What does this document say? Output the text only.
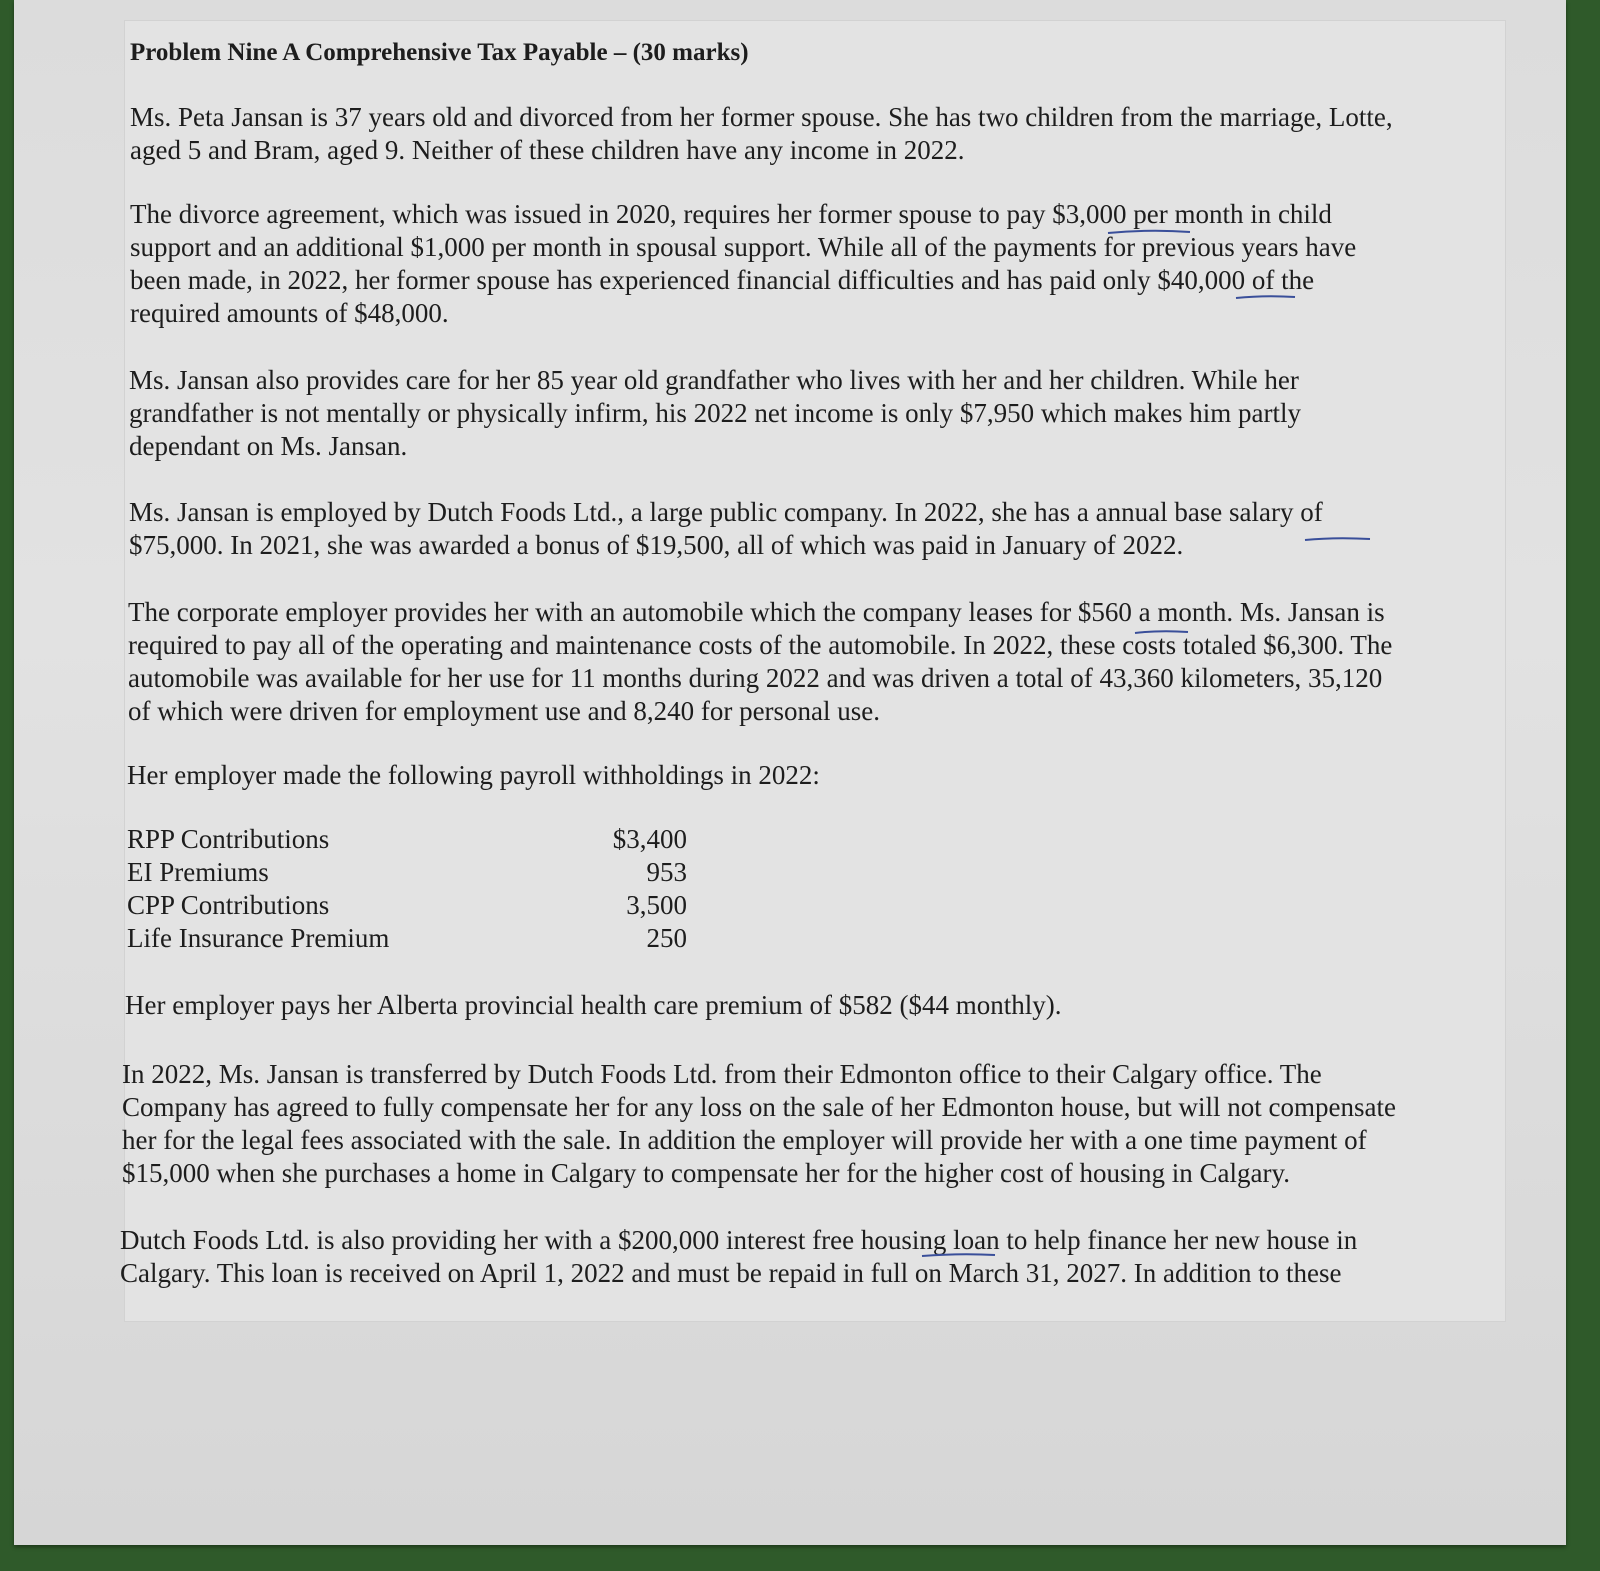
Problem Nine A Comprehensive Tax Payable – (30 marks)
Ms. Peta Jansan is 37 years old and divorced from her former spouse. She has two children from the marriage, Lotte,
aged 5 and Bram, aged 9. Neither of these children have any income in 2022.
The divorce agreement, which was issued in 2020, requires her former spouse to pay $3,000 per month in child
support and an additional $1,000 per month in spousal support. While all of the payments for previous years have
been made, in 2022, her former spouse has experienced financial difficulties and has paid only $40,000 of the
required amounts of $48,000.
Ms. Jansan also provides care for her 85 year old grandfather who lives with her and her children. While her
grandfather is not mentally or physically infirm, his 2022 net income is only $7,950 which makes him partly
dependant on Ms. Jansan.
Ms. Jansan is employed by Dutch Foods Ltd., a large public company. In 2022, she has a annual base salary of
$75,000. In 2021, she was awarded a bonus of $19,500, all of which was paid in January of 2022.
The corporate employer provides her with an automobile which the company leases for $560 a month. Ms. Jansan is
required to pay all of the operating and maintenance costs of the automobile. In 2022, these costs totaled $6,300. The
automobile was available for her use for 11 months during 2022 and was driven a total of 43,360 kilometers, 35,120
of which were driven for employment use and 8,240 for personal use.
Her employer made the following payroll withholdings in 2022:
RPP Contributions	$3,400
EI Premiums	953
CPP Contributions	3,500
Life Insurance Premium	250
Her employer pays her Alberta provincial health care premium of $582 ($44 monthly).
In 2022, Ms. Jansan is transferred by Dutch Foods Ltd. from their Edmonton office to their Calgary office. The
Company has agreed to fully compensate her for any loss on the sale of her Edmonton house, but will not compensate
her for the legal fees associated with the sale. In addition the employer will provide her with a one time payment of
$15,000 when she purchases a home in Calgary to compensate her for the higher cost of housing in Calgary.
Dutch Foods Ltd. is also providing her with a $200,000 interest free housing loan to help finance her new house in
Calgary. This loan is received on April 1, 2022 and must be repaid in full on March 31, 2027. In addition to these
